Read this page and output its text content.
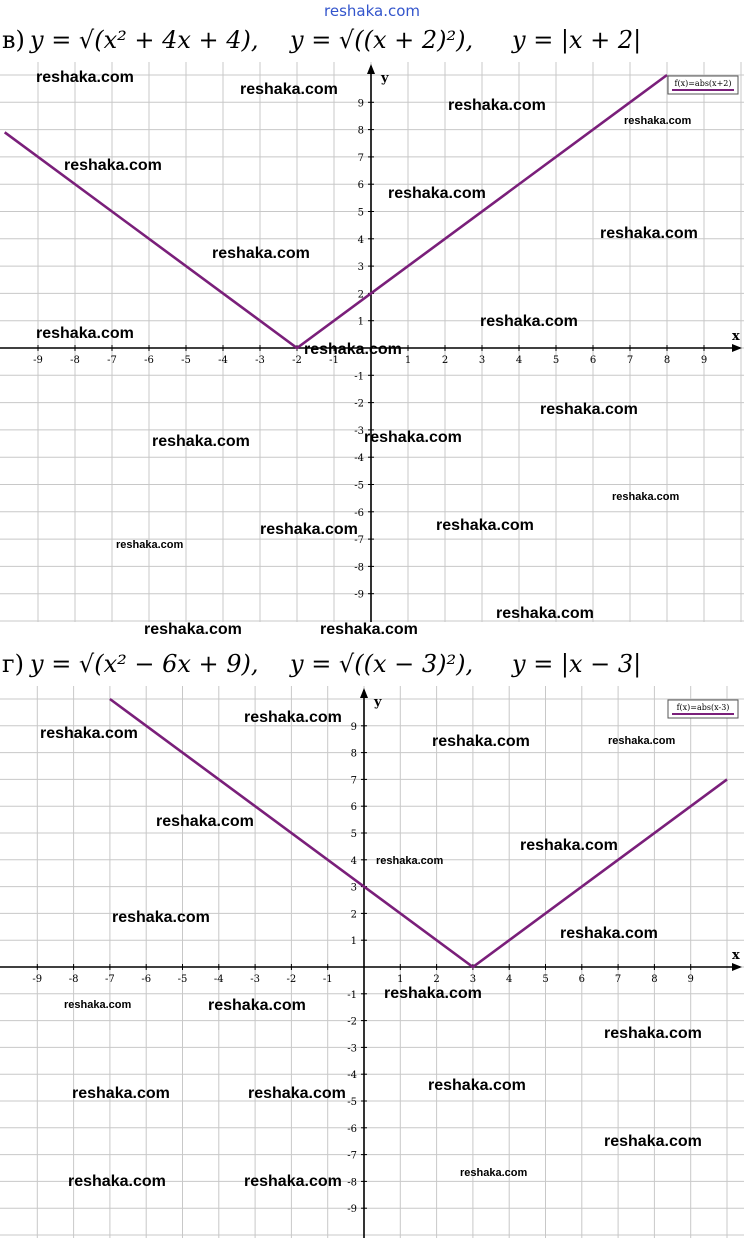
reshaka.com
в) y = √(x² + 4x + 4), y = √((x + 2)²), y = |x + 2|
x
y
-9	-8	-7	-6	-5	-4	-3	-2	-1	1	2	3	4	5	6	7	8	9
-9
-8
-7
-6
-5
-4
-3
-2
-1
1
2
3
4
5
6
7
8
9
f(x)=abs(x+2)
reshaka.com
reshaka.com
reshaka.com
reshaka.com
reshaka.com
reshaka.com
reshaka.com
reshaka.com
reshaka.com
reshaka.com
reshaka.com
reshaka.com
reshaka.com	reshaka.com
reshaka.com
reshaka.com	reshaka.com
reshaka.com
reshaka.com
reshaka.com	reshaka.com
г) y = √(x² − 6x + 9), y = √((x − 3)²), y = |x − 3|
x
y
-9	-8	-7	-6	-5	-4	-3	-2	-1	1	2	3	4	5	6	7	8	9
-9
-8
-7
-6
-5
-4
-3
-2
-1
1
2
3
4
5
6
7
8
9
f(x)=abs(x-3)
reshaka.com
reshaka.com	reshaka.com	reshaka.com
reshaka.com
reshaka.com
reshaka.com
reshaka.com
reshaka.com
reshaka.com
reshaka.com	reshaka.com
reshaka.com
reshaka.com	reshaka.com	reshaka.com
reshaka.com
reshaka.com
reshaka.com	reshaka.com
